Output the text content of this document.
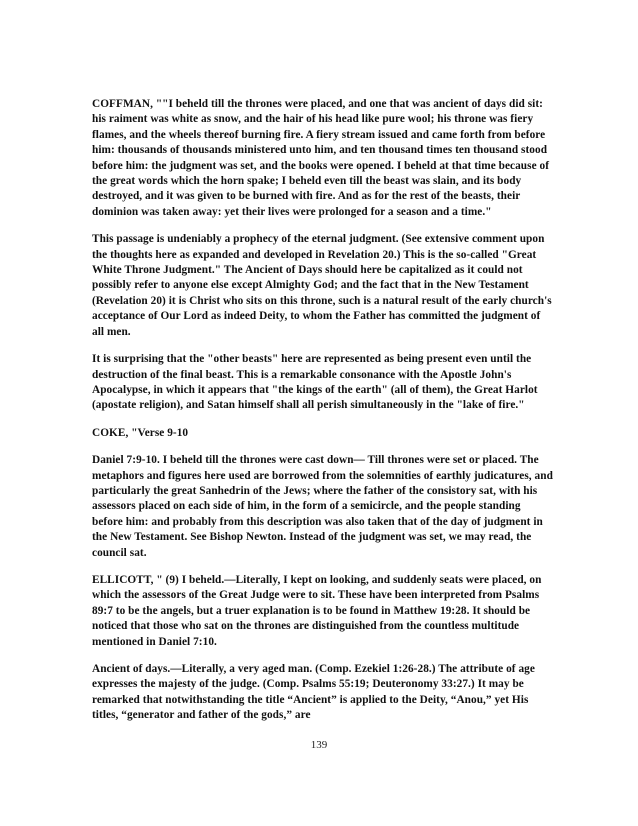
COFFMAN, ""I beheld till the thrones were placed, and one that was ancient of days did sit: his raiment was white as snow, and the hair of his head like pure wool; his throne was fiery flames, and the wheels thereof burning fire. A fiery stream issued and came forth from before him: thousands of thousands ministered unto him, and ten thousand times ten thousand stood before him: the judgment was set, and the books were opened. I beheld at that time because of the great words which the horn spake; I beheld even till the beast was slain, and its body destroyed, and it was given to be burned with fire. And as for the rest of the beasts, their dominion was taken away: yet their lives were prolonged for a season and a time."

This passage is undeniably a prophecy of the eternal judgment. (See extensive comment upon the thoughts here as expanded and developed in Revelation 20.) This is the so-called "Great White Throne Judgment." The Ancient of Days should here be capitalized as it could not possibly refer to anyone else except Almighty God; and the fact that in the New Testament (Revelation 20) it is Christ who sits on this throne, such is a natural result of the early church's acceptance of Our Lord as indeed Deity, to whom the Father has committed the judgment of all men.

It is surprising that the "other beasts" here are represented as being present even until the destruction of the final beast. This is a remarkable consonance with the Apostle John's Apocalypse, in which it appears that "the kings of the earth" (all of them), the Great Harlot (apostate religion), and Satan himself shall all perish simultaneously in the "lake of fire."

COKE, "Verse 9-10

Daniel 7:9-10. I beheld till the thrones were cast down— Till thrones were set or placed. The metaphors and figures here used are borrowed from the solemnities of earthly judicatures, and particularly the great Sanhedrin of the Jews; where the father of the consistory sat, with his assessors placed on each side of him, in the form of a semicircle, and the people standing before him: and probably from this description was also taken that of the day of judgment in the New Testament. See Bishop Newton. Instead of the judgment was set, we may read, the council sat.

ELLICOTT, " (9) I beheld.—Literally, I kept on looking, and suddenly seats were placed, on which the assessors of the Great Judge were to sit. These have been interpreted from Psalms 89:7 to be the angels, but a truer explanation is to be found in Matthew 19:28. It should be noticed that those who sat on the thrones are distinguished from the countless multitude mentioned in Daniel 7:10.

Ancient of days.—Literally, a very aged man. (Comp. Ezekiel 1:26-28.) The attribute of age expresses the majesty of the judge. (Comp. Psalms 55:19; Deuteronomy 33:27.) It may be remarked that notwithstanding the title “Ancient” is applied to the Deity, “Anou,” yet His titles, “generator and father of the gods,” are

139
